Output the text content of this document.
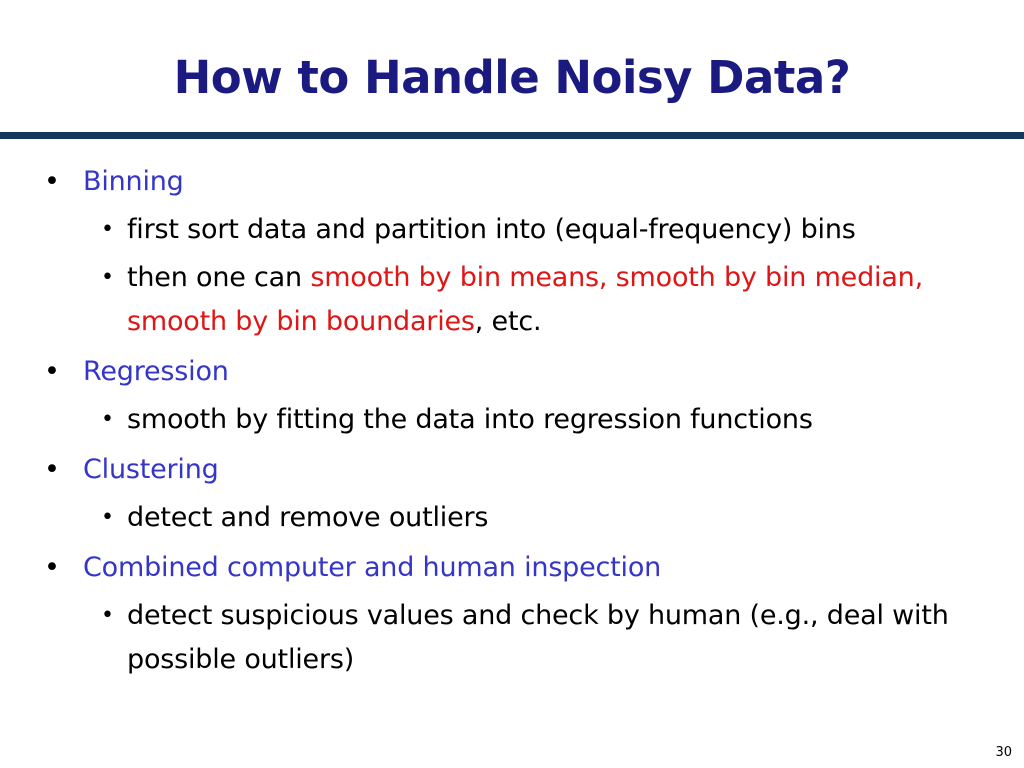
How to Handle Noisy Data?
• Binning
• first sort data and partition into (equal-frequency) bins
• then one can smooth by bin means, smooth by bin median, smooth by bin boundaries, etc.
• Regression
• smooth by fitting the data into regression functions
• Clustering
• detect and remove outliers
• Combined computer and human inspection
• detect suspicious values and check by human (e.g., deal with possible outliers)
30
